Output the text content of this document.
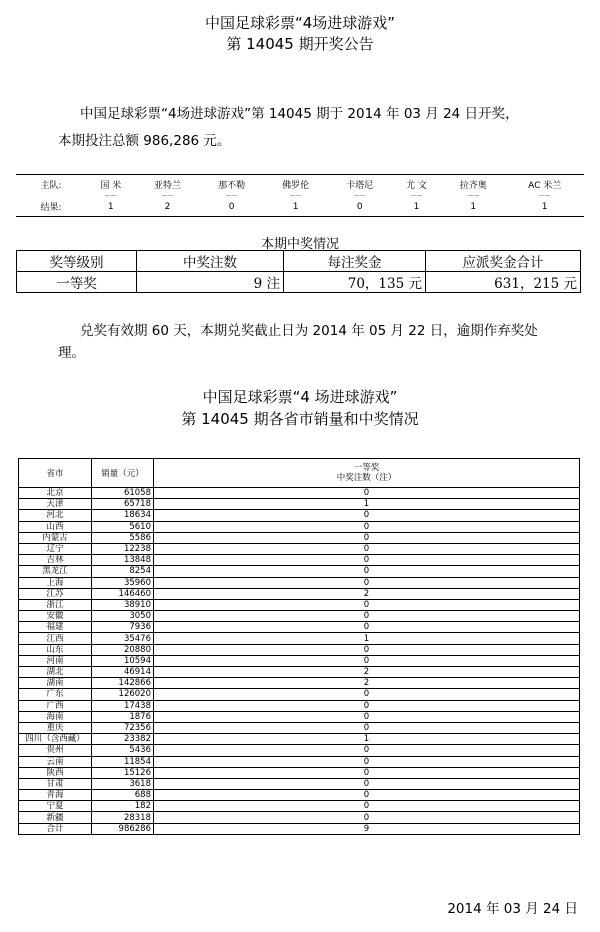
中国足球彩票“4场进球游戏”
第 14045 期开奖公告
中国足球彩票“4场进球游戏”第 14045 期于 2014 年 03 月 24 日开奖，
本期投注总额 986,286 元。
主队:	国 米	亚特兰	那不勒	佛罗伦	卡塔尼	尤 文	拉齐奥	AC 米兰
	——	——	——	——	——	——	——	——
结果:	1	2	0	1	0	1	1	1
本期中奖情况
奖等级别	中奖注数	每注奖金	应派奖金合计
一等奖	9 注	70，135 元	631，215 元
兑奖有效期 60 天，本期兑奖截止日为 2014 年 05 月 22 日，逾期作弃奖处
理。
中国足球彩票“4 场进球游戏”
第 14045 期各省市销量和中奖情况
省市	销量（元）	一等奖
中奖注数（注）

北京	61058	0
天津	65718	1
河北	18634	0
山西	5610	0
内蒙古	5586	0
辽宁	12238	0
吉林	13848	0
黑龙江	8254	0
上海	35960	0
江苏	146460	2
浙江	38910	0
安徽	3050	0
福建	7936	0
江西	35476	1
山东	20880	0
河南	10594	0
湖北	46914	2
湖南	142866	2
广东	126020	0
广西	17438	0
海南	1876	0
重庆	72356	0
四川（含西藏）	23382	1
贵州	5436	0
云南	11854	0
陕西	15126	0
甘肃	3618	0
青海	688	0
宁夏	182	0
新疆	28318	0
合计	986286	9
2014 年 03 月 24 日
